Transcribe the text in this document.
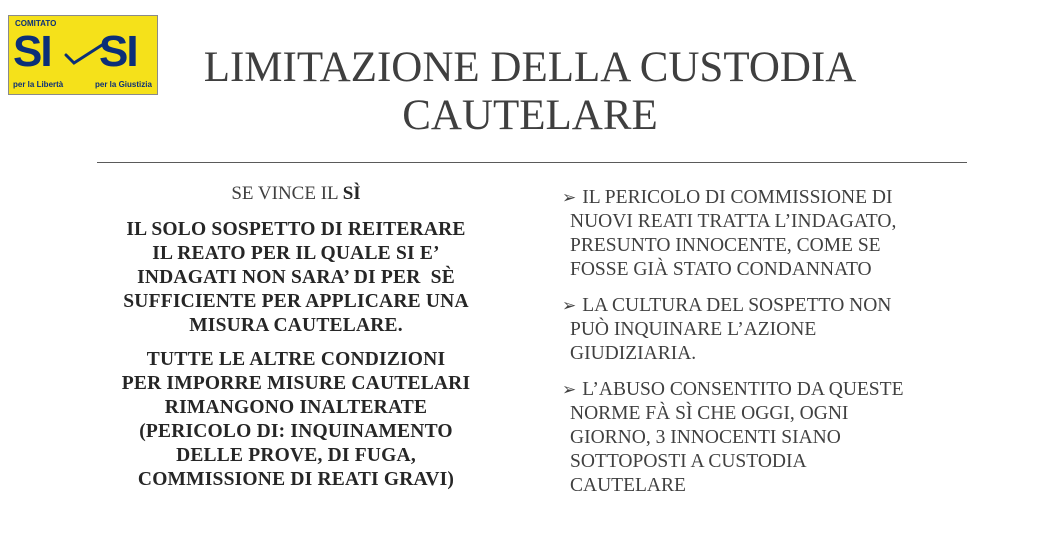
COMITATO
SI SI
per la Libertà	per la Giustizia	LIMITAZIONE DELLA CUSTODIA
CAUTELARE
SE VINCE IL SÌ

IL SOLO SOSPETTO DI REITERARE
IL REATO PER IL QUALE SI E’
INDAGATI NON SARA’ DI PER  SÈ
SUFFICIENTE PER APPLICARE UNA
MISURA CAUTELARE.

TUTTE LE ALTRE CONDIZIONI
PER IMPORRE MISURE CAUTELARI
RIMANGONO INALTERATE
(PERICOLO DI: INQUINAMENTO
DELLE PROVE, DI FUGA,
COMMISSIONE DI REATI GRAVI)

➢ IL PERICOLO DI COMMISSIONE DI
NUOVI REATI TRATTA L’INDAGATO,
PRESUNTO INNOCENTE, COME SE
FOSSE GIÀ STATO CONDANNATO
➢ LA CULTURA DEL SOSPETTO NON
PUÒ INQUINARE L’AZIONE
GIUDIZIARIA.
➢ L’ABUSO CONSENTITO DA QUESTE
NORME FÀ SÌ CHE OGGI, OGNI
GIORNO, 3 INNOCENTI SIANO
SOTTOPOSTI A CUSTODIA
CAUTELARE
